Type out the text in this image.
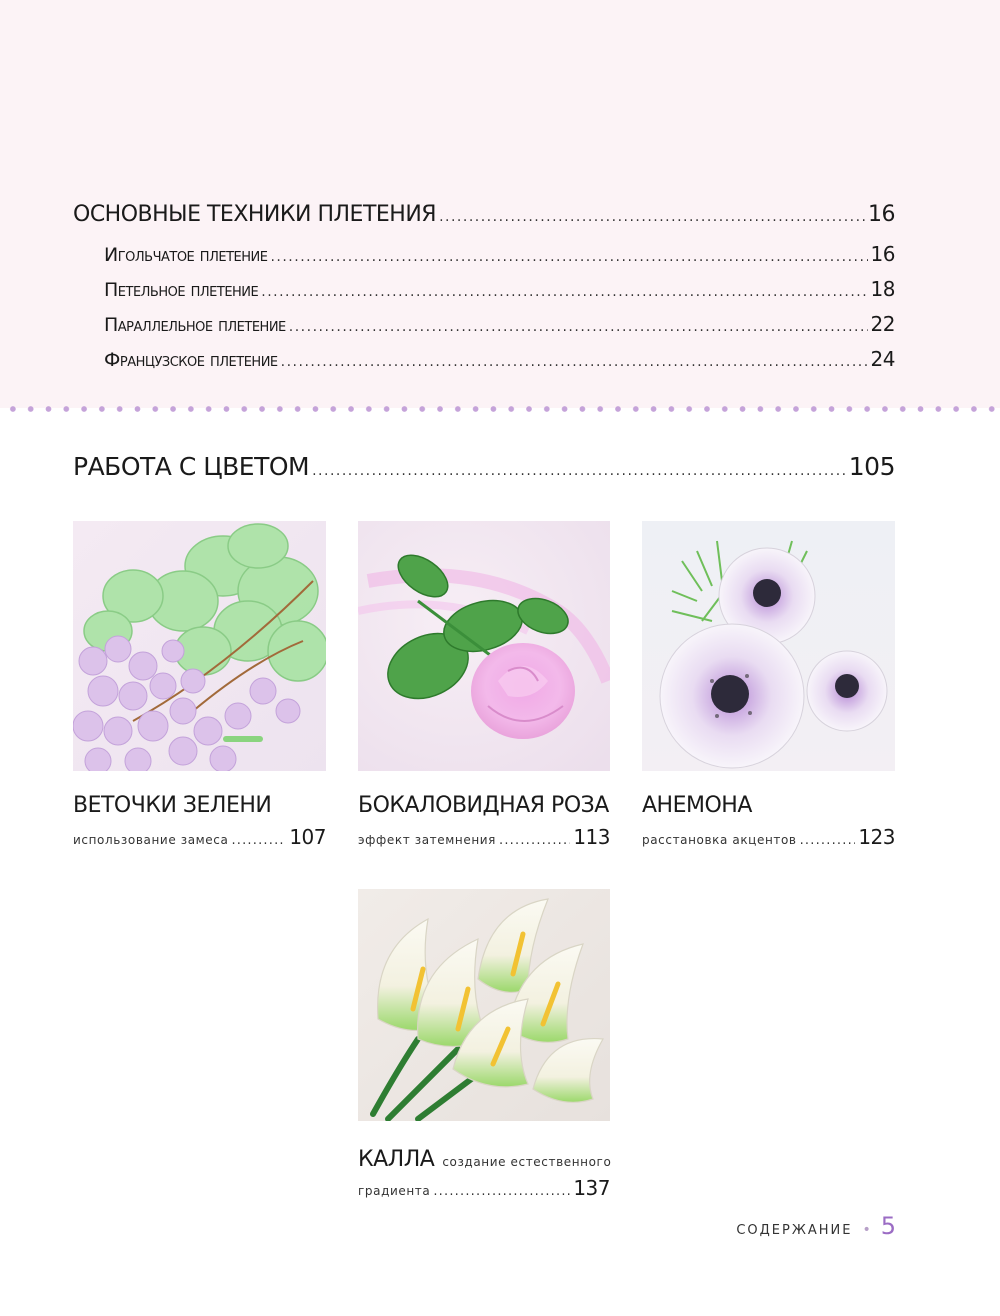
ОСНОВНЫЕ ТЕХНИКИ ПЛЕТЕНИЯ .....	16
Игольчатое плетение .....	16
Петельное плетение .....	18
Параллельное плетение .....	22
Французское плетение .....	24
РАБОТА С ЦВЕТОМ .....	105
ВЕТОЧКИ ЗЕЛЕНИ
использование замеса .....	107
БОКАЛОВИДНАЯ РОЗА
эффект затемнения .....	113
АНЕМОНА
расстановка акцентов .....	123
КАЛЛА создание естественного
градиента .....	137
СОДЕРЖАНИЕ • 5
